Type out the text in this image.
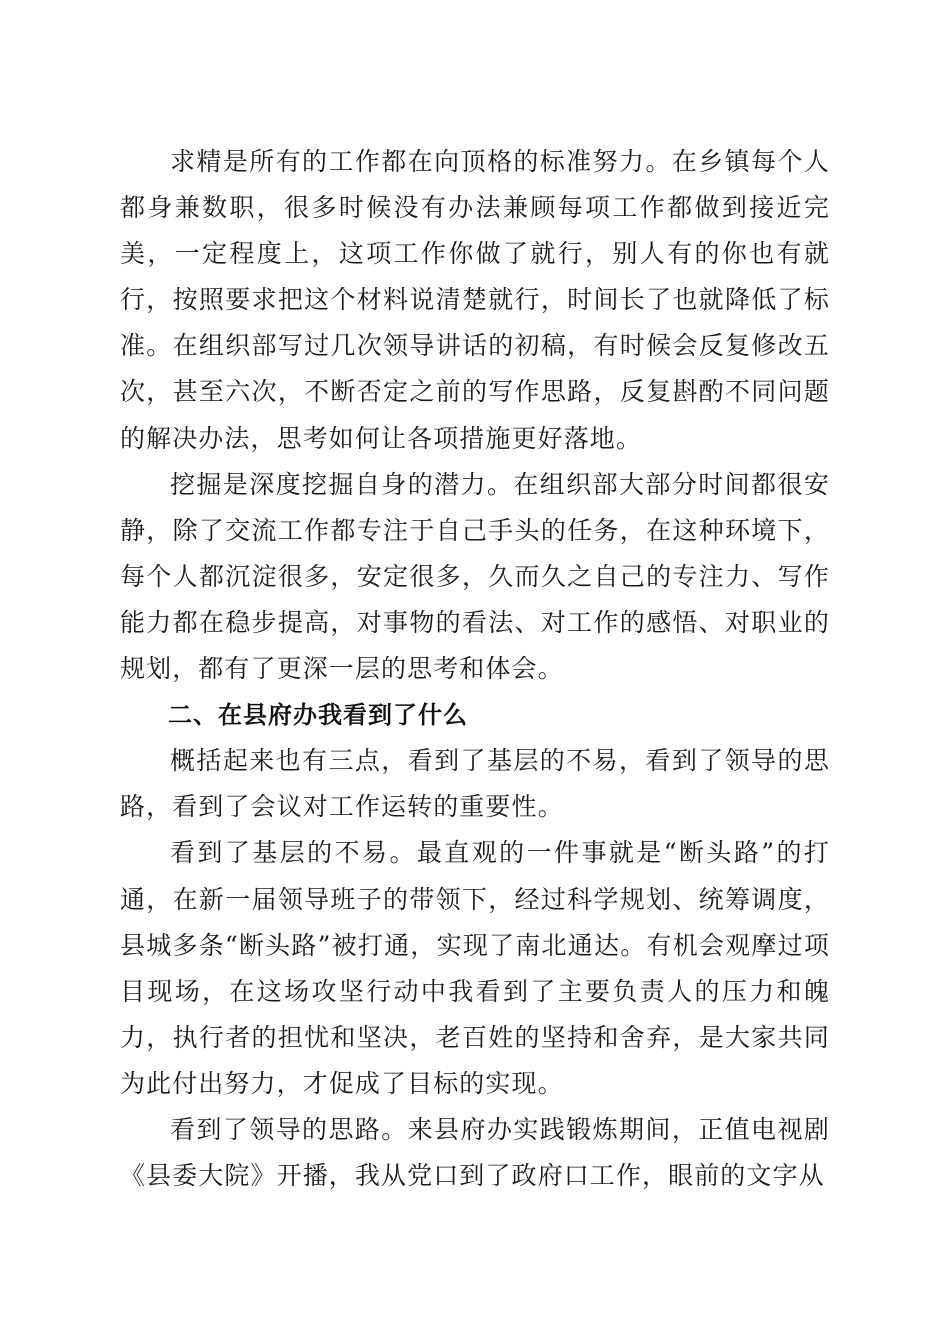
求精是所有的工作都在向顶格的标准努力。在乡镇每个人都身兼数职，很多时候没有办法兼顾每项工作都做到接近完美，一定程度上，这项工作你做了就行，别人有的你也有就行，按照要求把这个材料说清楚就行，时间长了也就降低了标准。在组织部写过几次领导讲话的初稿，有时候会反复修改五次，甚至六次，不断否定之前的写作思路，反复斟酌不同问题的解决办法，思考如何让各项措施更好落地。

挖掘是深度挖掘自身的潜力。在组织部大部分时间都很安静，除了交流工作都专注于自己手头的任务，在这种环境下，每个人都沉淀很多，安定很多，久而久之自己的专注力、写作能力都在稳步提高，对事物的看法、对工作的感悟、对职业的规划，都有了更深一层的思考和体会。

二、在县府办我看到了什么

概括起来也有三点，看到了基层的不易，看到了领导的思路，看到了会议对工作运转的重要性。

看到了基层的不易。最直观的一件事就是“断头路”的打通，在新一届领导班子的带领下，经过科学规划、统筹调度，县城多条“断头路”被打通，实现了南北通达。有机会观摩过项目现场，在这场攻坚行动中我看到了主要负责人的压力和魄力，执行者的担忧和坚决，老百姓的坚持和舍弃，是大家共同为此付出努力，才促成了目标的实现。

看到了领导的思路。来县府办实践锻炼期间，正值电视剧《县委大院》开播，我从党口到了政府口工作，眼前的文字从
